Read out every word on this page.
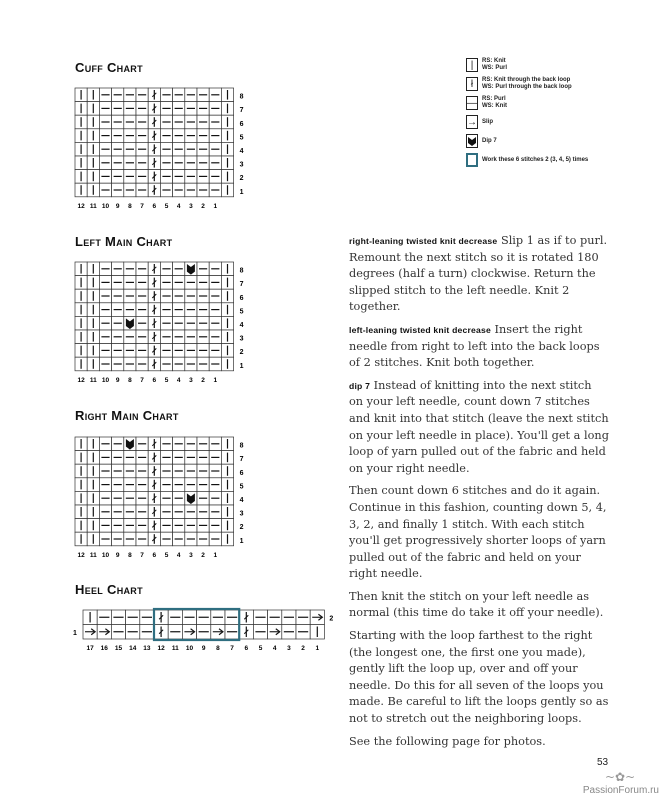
Cuff Chart
8
7
6
5
4
3
2
1
12 11 10 9 8 7 6 5 4 3 2 1
Left Main Chart
8
7
6
5
4
3
2
1
12 11 10 9 8 7 6 5 4 3 2 1
Right Main Chart
8
7
6
5
4
3
2
1
12 11 10 9 8 7 6 5 4 3 2 1
Heel Chart
2
1
17 16 15 14 13 12 11 10 9 8 7 6 5 4 3 2 1
|	RS: Knit
WS: Purl
ł	RS: Knit through the back loop
WS: Purl through the back loop
— RS: Purl
WS: Knit
→ Slip
Dip 7
Work these 6 stitches 2 (3, 4, 5) times

right-leaning twisted knit decrease Slip 1 as if to purl. Remount the next stitch so it is rotated 180 degrees (half a turn) clockwise. Return the slipped stitch to the left needle. Knit 2 together.

left-leaning twisted knit decrease Insert the right needle from right to left into the back loops of 2 stitches. Knit both together.

dip 7 Instead of knitting into the next stitch on your left needle, count down 7 stitches and knit into that stitch (leave the next stitch on your left needle in place). You'll get a long loop of yarn pulled out of the fabric and held on your right needle.

Then count down 6 stitches and do it again. Continue in this fashion, counting down 5, 4, 3, 2, and finally 1 stitch. With each stitch you'll get progressively shorter loops of yarn pulled out of the fabric and held on your right needle.

Then knit the stitch on your left needle as normal (this time do take it off your needle).

Starting with the loop farthest to the right (the longest one, the first one you made), gently lift the loop up, over and off your needle. Do this for all seven of the loops you made. Be careful to lift the loops gently so as not to stretch out the neighboring loops.

See the following page for photos.

53
~✿~
PassionForum.ru
